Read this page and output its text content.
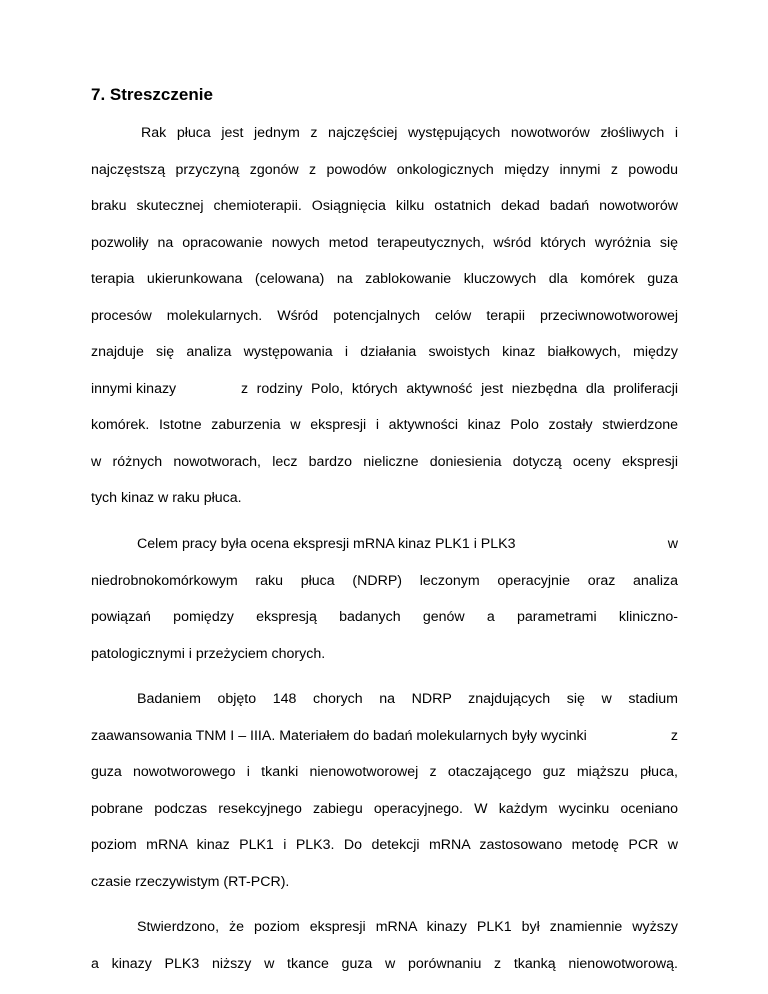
7. Streszczenie
Rak płuca jest jednym z najczęściej występujących nowotworów złośliwych i
najczęstszą przyczyną zgonów z powodów onkologicznych między innymi z powodu
braku skutecznej chemioterapii. Osiągnięcia kilku ostatnich dekad badań nowotworów
pozwoliły na opracowanie nowych metod terapeutycznych, wśród których wyróżnia się
terapia ukierunkowana (celowana) na zablokowanie kluczowych dla komórek guza
procesów molekularnych. Wśród potencjalnych celów terapii przeciwnowotworowej
znajduje się analiza występowania i działania swoistych kinaz białkowych, między
innymi kinazy	z rodziny Polo, których aktywność jest niezbędna dla proliferacji
komórek. Istotne zaburzenia w ekspresji i aktywności kinaz Polo zostały stwierdzone
w różnych nowotworach, lecz bardzo nieliczne doniesienia dotyczą oceny ekspresji
tych kinaz w raku płuca.
Celem pracy była ocena ekspresji mRNA kinaz PLK1 i PLK3	w
niedrobnokomórkowym raku płuca (NDRP) leczonym operacyjnie oraz analiza
powiązań pomiędzy ekspresją badanych genów a parametrami kliniczno-
patologicznymi i przeżyciem chorych.
Badaniem objęto 148 chorych na NDRP znajdujących się w stadium
zaawansowania TNM I – IIIA. Materiałem do badań molekularnych były wycinki	z
guza nowotworowego i tkanki nienowotworowej z otaczającego guz miąższu płuca,
pobrane podczas resekcyjnego zabiegu operacyjnego. W każdym wycinku oceniano
poziom mRNA kinaz PLK1 i PLK3. Do detekcji mRNA zastosowano metodę PCR w
czasie rzeczywistym (RT-PCR).
Stwierdzono, że poziom ekspresji mRNA kinazy PLK1 był znamiennie wyższy
a kinazy PLK3 niższy w tkance guza w porównaniu z tkanką nienowotworową.
